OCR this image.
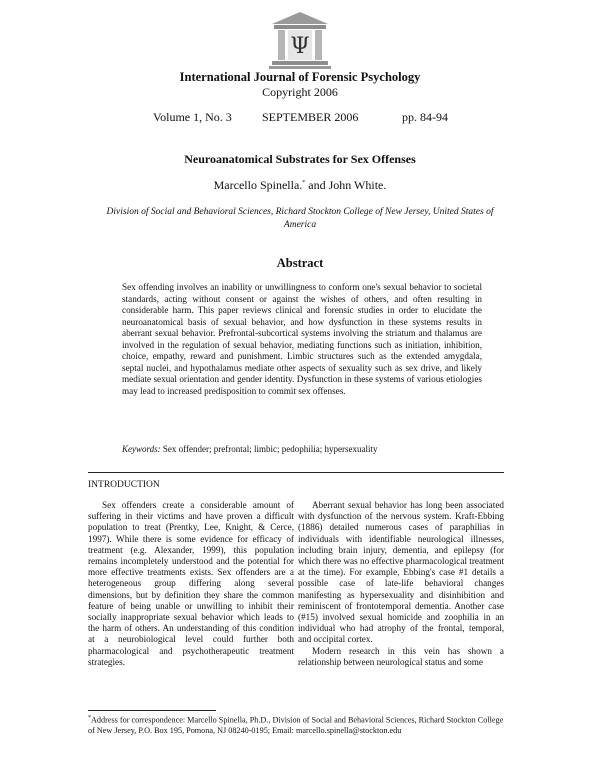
Ψ
International Journal of Forensic Psychology
Copyright 2006
Volume 1, No. 3	SEPTEMBER 2006	pp. 84-94
Neuroanatomical Substrates for Sex Offenses
Marcello Spinella.* and John White.
Division of Social and Behavioral Sciences, Richard Stockton College of New Jersey, United States of America
Abstract
Sex offending involves an inability or unwillingness to conform one's sexual behavior to societal standards, acting without consent or against the wishes of others, and often resulting in considerable harm. This paper reviews clinical and forensic studies in order to elucidate the neuroanatomical basis of sexual behavior, and how dysfunction in these systems results in aberrant sexual behavior. Prefrontal-subcortical systems involving the striatum and thalamus are involved in the regulation of sexual behavior, mediating functions such as initiation, inhibition, choice, empathy, reward and punishment. Limbic structures such as the extended amygdala, septal nuclei, and hypothalamus mediate other aspects of sexuality such as sex drive, and likely mediate sexual orientation and gender identity. Dysfunction in these systems of various etiologies may lead to increased predisposition to commit sex offenses.
Keywords: Sex offender; prefrontal; limbic; pedophilia; hypersexuality
INTRODUCTION

Sex offenders create a considerable amount of suffering in their victims and have proven a difficult population to treat (Prentky, Lee, Knight, & Cerce, 1997). While there is some evidence for efficacy of treatment (e.g. Alexander, 1999), this population remains incompletely understood and the potential for more effective treatments exists. Sex offenders are a heterogeneous group differing along several dimensions, but by definition they share the common feature of being unable or unwilling to inhibit their socially inappropriate sexual behavior which leads to the harm of others. An understanding of this condition at a neurobiological level could further both pharmacological and psychotherapeutic treatment strategies.

Aberrant sexual behavior has long been associated with dysfunction of the nervous system. Kraft-Ebbing (1886) detailed numerous cases of paraphilias in individuals with identifiable neurological illnesses, including brain injury, dementia, and epilepsy (for which there was no effective pharmacological treatment at the time). For example, Ebbing's case #1 details a possible case of late-life behavioral changes manifesting as hypersexuality and disinhibition and reminiscent of frontotemporal dementia. Another case (#15) involved sexual homicide and zoophilia in an individual who had atrophy of the frontal, temporal, and occipital cortex.

Modern research in this vein has shown a relationship between neurological status and some

*Address for correspondence: Marcello Spinella, Ph.D., Division of Social and Behavioral Sciences, Richard Stockton College of New Jersey, P.O. Box 195, Pomona, NJ 08240-0195; Email: marcello.spinella@stockton.edu
